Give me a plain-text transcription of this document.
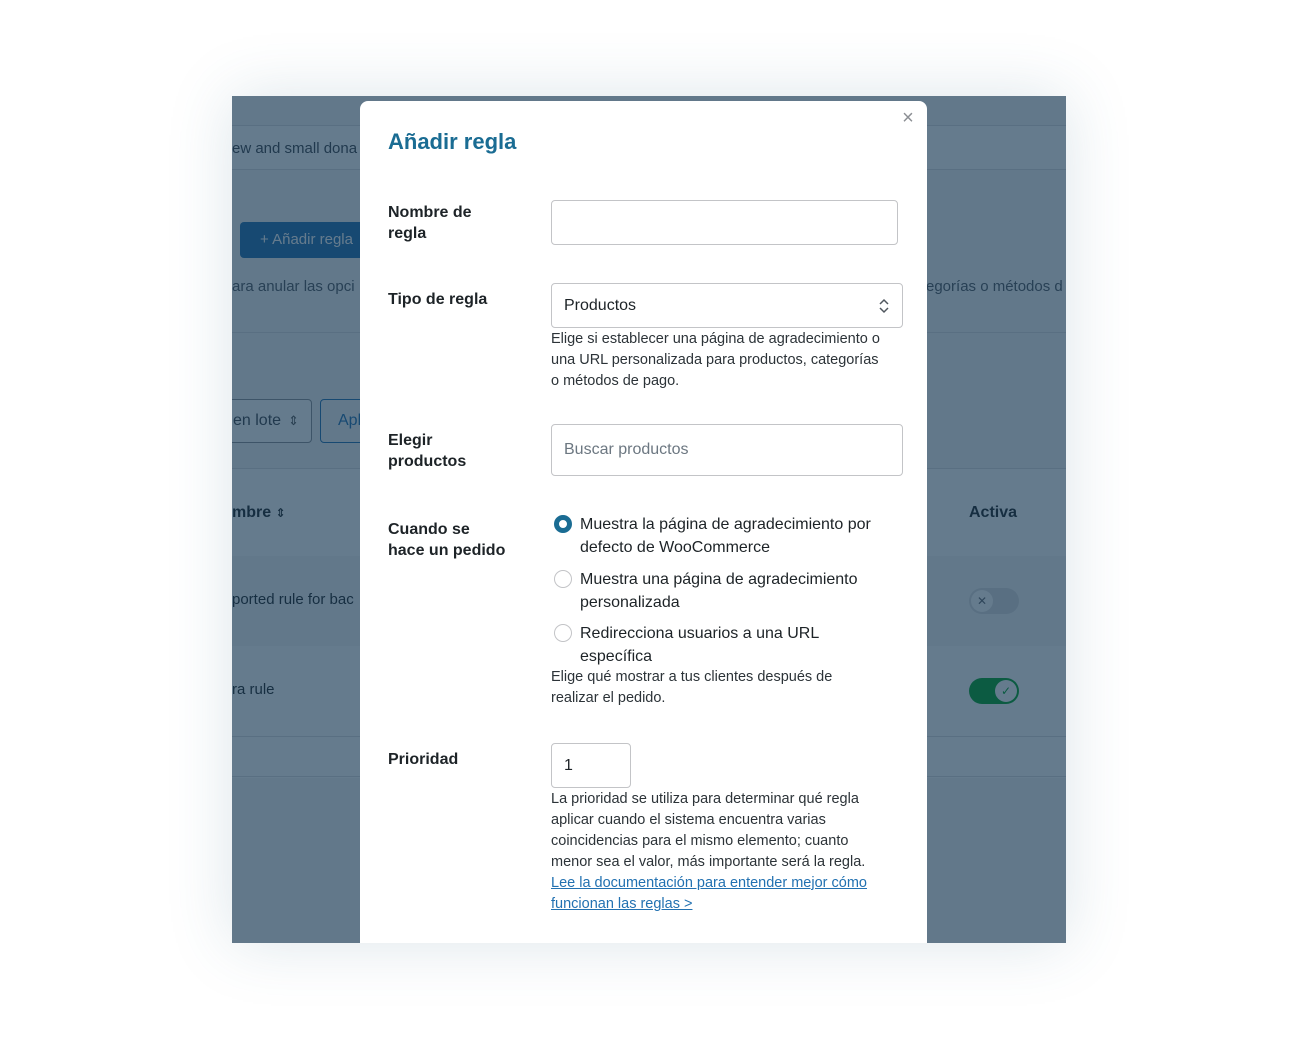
×
Añadir regla
Nombre de regla
Tipo de regla	Productos
Elige si establecer una página de agradecimiento o una URL personalizada para productos, categorías o métodos de pago.
Elegir productos
Buscar productos
Cuando se hace un pedido
Muestra la página de agradecimiento por defecto de WooCommerce
Muestra una página de agradecimiento personalizada
Redirecciona usuarios a una URL específica
Elige qué mostrar a tus clientes después de realizar el pedido.
Prioridad
1
La prioridad se utiliza para determinar qué regla aplicar cuando el sistema encuentra varias coincidencias para el mismo elemento; cuanto menor sea el valor, más importante será la regla. Lee la documentación para entender mejor cómo funcionan las reglas >
